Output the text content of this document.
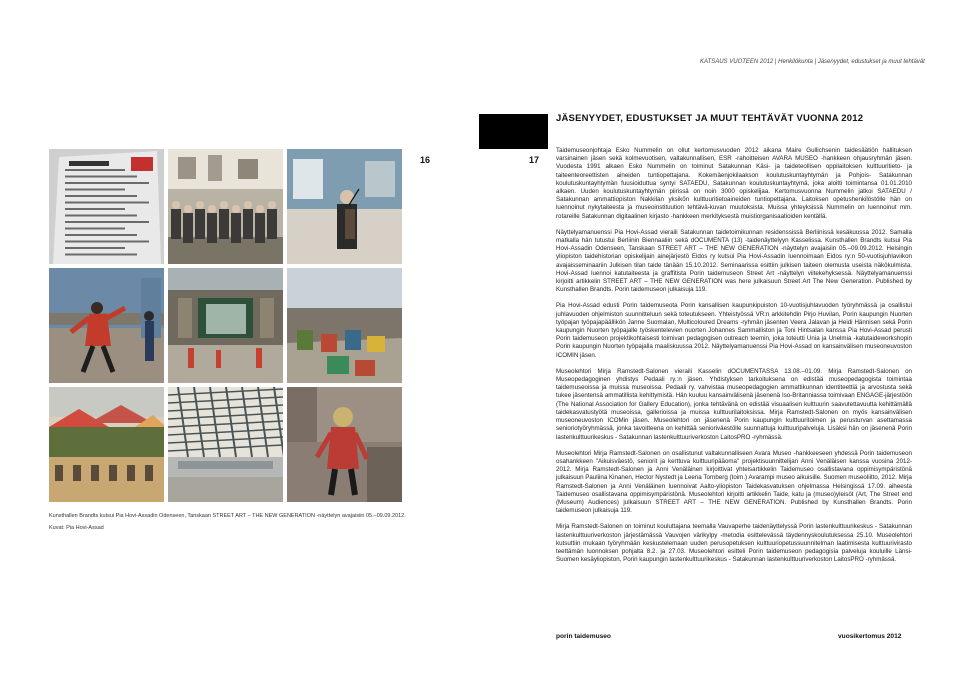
KATSAUS VUOTEEN 2012 | Henkilökunta | Jäsenyydet, edustukset ja muut tehtävät
JÄSENYYDET, EDUSTUKSET JA MUUT TEHTÄVÄT VUONNA 2012
16	17

Taidemuseonjohtaja Esko Nummelin on ollut kertomusvuoden 2012 aikana Maire Gullichsenin taidesäätiön hallituksen varsinainen jäsen sekä kolmevuotisen, valtakunnallisen, ESR -rahoitteisen AVARA MUSEO -hankkeen ohjausryhmän jäsen. Vuodesta 1991 alkaen Esko Nummelin on toiminut Satakunnan Käsi- ja taideteollisen oppilaitoksen kulttuuritieto- ja taiteenteoreettisten aineiden tuntiopettajana. Kokemäenjokilaakson koulutuskuntayhtymän ja Pohjois- Satakunnan koulutuskuntayhtymän fuusioiduttua syntyi SATAEDU, Satakunnan koulutuskuntayhtymä, joka aloitti toimintansa 01.01.2010 alkaen. Uuden koulutuskuntayhtymän piirissä on noin 3000 opiskelijaa. Kertomusvuonna Nummelin jatkoi SATAEDU / Satakunnan ammattiopiston Nakkilan yksikön kulttuuritietoaineiden tuntiopettajana. Laitoksen opetushenkilöstölle hän on luennoinut nykytaiteesta ja museoinstituution tehtävä-kuvan muutoksista. Muissa yhteyksissä Nummelin on luennoinut mm. rotareille Satakunnan digitaalinen kirjasto -hankkeen merkityksestä muistiorganisaatioiden kentällä.

Näyttelyamanuenssi Pia Hovi-Assad vieraili Satakunnan taidetoimikunnan residenssissä Berliinissä kesäkuussa 2012. Samalla matkalla hän tutustui Berliinin Biennaaliin sekä dOCUMENTA (13) -taidenäyttelyyn Kasselissa. Kunsthallen Brandts kutsui Pia Hovi-Assadin Odenseen, Tanskaan STREET ART – THE NEW GENERATION -näyttelyn avajaisiin 05.–09.09.2012. Helsingin yliopiston taidehistorian opiskelijain ainejärjestö Eidos ry kutsui Pia Hovi-Assadin luennoimaan Eidos ry:n 50-vuotisjuhlaviikon avajaisseminaariin Julkisen tilan taide tänään 15.10.2012. Seminaarissa esittiin julkisen taiteen olemusta useista näkökulmista. Hovi-Assad luennoi katutaiteesta ja graffitista Porin taidemuseon Street Art -näyttelyn viitekehyksessä. Näyttelyamanuenssi kirjoitti artikkelin STREET ART – THE NEW GENERATION was here julkaisuun Street Art The New Generation. Published by Kunsthallen Brandts. Porin taidemuseon julkaisuja 119.

Pia Hovi-Assad edusti Porin taidemuseota Porin kansallisen kaupunkipuiston 10-vuotisjuhlavuoden työryhmässä ja osallistui juhlavuoden ohjelmiston suunnitteluun sekä toteutukseen. Yhteistyössä VR:n arkkitehdin Pirjo Huvilan, Porin kaupungin Nuorten työpajan työpajapäällikön Janne Suomalan, Multicoloured Dreams -ryhmän jäsenten Veera Jalavan ja Heidi Hännisen sekä Porin kaupungin Nuorten työpajalle työskentelevien nuorten Johannes Sammalliston ja Toni Hintsalan kanssa Pia Hovi-Assad perusti Porin taidemuseon projektikohtaisesti toimivan pedagogisen outreach teemin, joka toteutti Unia ja Unelmia -katutaideworkshopin Porin kaupungin Nuorten työpajalla maaliskuussa 2012. Näyttelyamanuenssi Pia Hovi-Assad on kansainvälisen museoneuvoston ICOMIN jäsen.

Museolehtori Mirja Ramstedt-Salonen vieraili Kasselin dOCUMENTASSA 13.08.–01.09. Mirja Ramstedt-Salonen on Museopedagoginen yhdistys Pedaali ry.:n jäsen. Yhdistyksen tarkoituksena on edistää museopedagogista toimintaa taidemuseoissa ja muissa museoissa. Pedaali ry. vahvistaa museopedagogien ammattikunnan identiteettiä ja arvostusta sekä tukee jäsentensä ammatillista kehittymistä. Hän kuuluu kansainvälisenä jäsenenä Iso-Britanniassa toimivaan ENGAGE-järjestöön (The National Association for Gallery Education), jonka tehtävänä on edistää visuaalisen kulttuurin saavutettavuutta kehittämällä taidekasvatustyötä museoissa, gallerioissa ja muissa kulttuurilaitoksissa. Mirja Ramstedt-Salonen on myös kansainvälisen museoneuvoston ICOMin jäsen. Museolehtori on jäsenenä Porin kaupungin kulttuuritoimen ja perusturvan asettamassa senioriotyöryhmässä, jonka tavoitteena on kehittää senioriväestölle suunnattuja kulttuuripalveluja. Lisäksi hän on jäsenenä Porin lastenkulttuurikeskus - Satakunnan lastenkulttuuriverkoston LaitosPRO -ryhmässä.

Museolehtori Mirja Ramstedt-Salonen on osallistunut valtakunnalliseen Avara Museo -hankkeeseen yhdessä Porin taidemuseon osahankkeen "Aikuisväestö, seniorit ja kerttuva kulttuuripääoma" projektisuunnittelijan Anni Venäläisen kanssa vuosina 2012-2012. Mirja Ramstedt-Salonen ja Anni Venäläinen kirjoittivat yhteisartikkelin Taidemuseo osallistavana oppimisympäristönä julkaisuun Pauliina Kinanen, Hector Nystedt ja Leena Tornberg (toim.) Avarampi museo aikuisille. Suomen museoliitto, 2012. Mirja Ramstedt-Salonen ja Anni Venäläinen luennoivat Aalto-yliopiston Taidekasvatuksen ohjelmassa Helsingissä 17.09. aiheesta Taidemuseo osallistavana oppimisympäristönä. Museolehtori kirjoitti artikkelin Taide, katu ja (museo)yleisöt (Art, The Street end (Museum) Audiences) julkaisuun STREET ART – THE NEW GENERATION. Published by Kunsthallen Brandts. Porin taidemuseon julkaisuja 119.

Mirja Ramstedt-Salonen on toiminut kouluttajana teemalla Vauvaperhe taidenäyttelyssä Porin lastenkulttuurikeskus - Satakunnan lastenkulttuuriverkoston järjestämässä Vauvojen värikylpy -metodia esittelevässä täydennyskoulutuksessa 25.10. Museolehtori kutsuttiin mukaan työryhmään keskustelemaan uuden perusopetuksen kulttuuriopetussuunnitelman laatimisesta kulttuurivirasto teettämän luonnoksen pohjalta 8.2. ja 27.03. Museolehtori esitteli Porin taidemuseon pedagogisia palveluja kouluille Länsi-Suomen kesäyliopiston, Porin kaupungin lastenkulttuurikeskus - Satakunnan lastenkulttuuriverkoston LaitosPRO -ryhmässä.

Kunsthallen Brandts kutsui Pia Hovi-Assadin Odenseen, Tanskaan STREET ART – THE NEW GENERATION -näyttelyn avajaisiin 05.–09.09.2012.
Kuvat: Pia Hovi-Assad
porin taidemuseo	vuosikertomus 2012
